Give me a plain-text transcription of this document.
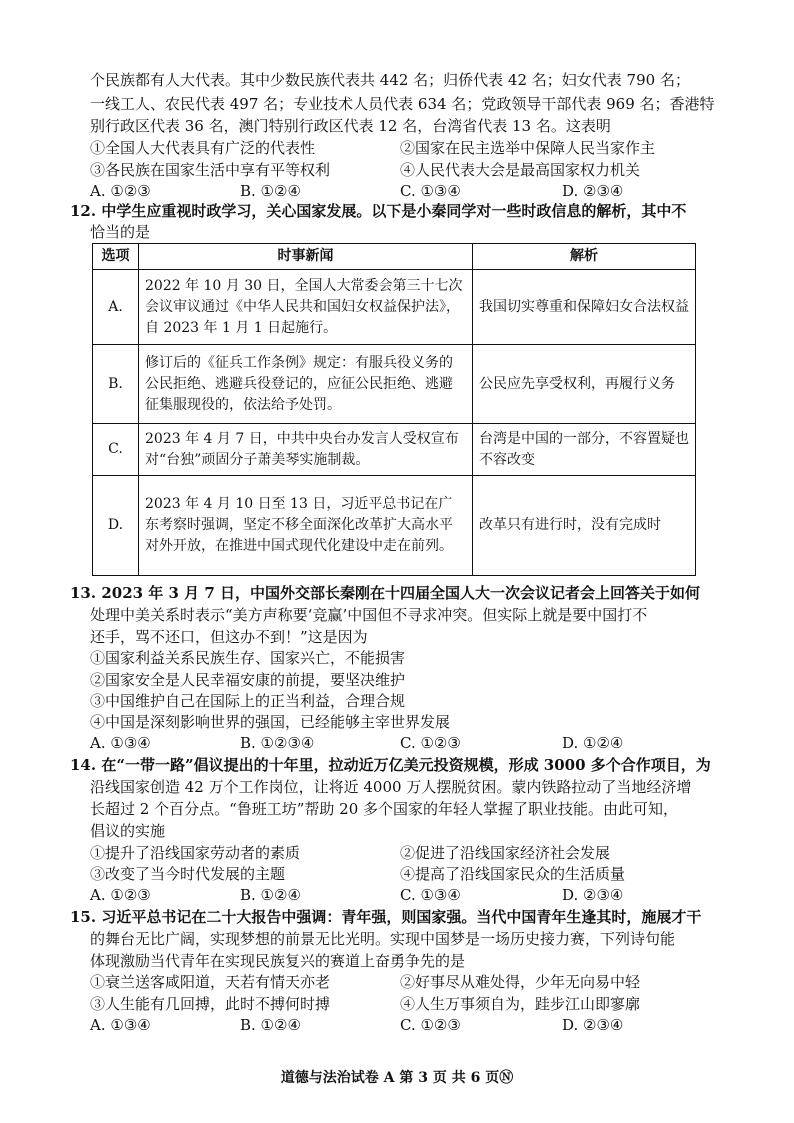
个民族都有人大代表。其中少数民族代表共 442 名；归侨代表 42 名；妇女代表 790 名；
一线工人、农民代表 497 名；专业技术人员代表 634 名；党政领导干部代表 969 名；香港特
别行政区代表 36 名，澳门特别行政区代表 12 名，台湾省代表 13 名。这表明
①全国人大代表具有广泛的代表性	②国家在民主选举中保障人民当家作主
③各民族在国家生活中享有平等权利	④人民代表大会是最高国家权力机关
A. ①②③	B. ①②④	C. ①③④	D. ②③④
12. 中学生应重视时政学习，关心国家发展。以下是小秦同学对一些时政信息的解析，其中不
恰当的是
选项	时事新闻	解析
A.	2022 年 10 月 30 日，全国人大常委会第三十七次会议审议通过《中华人民共和国妇女权益保护法》，自 2023 年 1 月 1 日起施行。	我国切实尊重和保障妇女合法权益
B.	修订后的《征兵工作条例》规定：有服兵役义务的公民拒绝、逃避兵役登记的，应征公民拒绝、逃避征集服现役的，依法给予处罚。	公民应先享受权利，再履行义务
C.	2023 年 4 月 7 日，中共中央台办发言人受权宣布对“台独”顽固分子萧美琴实施制裁。	台湾是中国的一部分，不容置疑也不容改变
D.	2023 年 4 月 10 日至 13 日，习近平总书记在广东考察时强调，坚定不移全面深化改革扩大高水平对外开放，在推进中国式现代化建设中走在前列。	改革只有进行时，没有完成时
13. 2023 年 3 月 7 日，中国外交部长秦刚在十四届全国人大一次会议记者会上回答关于如何
处理中美关系时表示“美方声称要‘竞赢’中国但不寻求冲突。但实际上就是要中国打不
还手，骂不还口，但这办不到！”这是因为
①国家利益关系民族生存、国家兴亡，不能损害
②国家安全是人民幸福安康的前提，要坚决维护
③中国维护自己在国际上的正当利益，合理合规
④中国是深刻影响世界的强国，已经能够主宰世界发展
A. ①③④	B. ①②③④	C. ①②③	D. ①②④
14. 在“一带一路”倡议提出的十年里，拉动近万亿美元投资规模，形成 3000 多个合作项目，为
沿线国家创造 42 万个工作岗位，让将近 4000 万人摆脱贫困。蒙内铁路拉动了当地经济增
长超过 2 个百分点。“鲁班工坊”帮助 20 多个国家的年轻人掌握了职业技能。由此可知，
倡议的实施
①提升了沿线国家劳动者的素质	②促进了沿线国家经济社会发展
③改变了当今时代发展的主题	④提高了沿线国家民众的生活质量
A. ①②③	B. ①②④	C. ①③④	D. ②③④
15. 习近平总书记在二十大报告中强调：青年强，则国家强。当代中国青年生逢其时，施展才干
的舞台无比广阔，实现梦想的前景无比光明。实现中国梦是一场历史接力赛，下列诗句能
体现激励当代青年在实现民族复兴的赛道上奋勇争先的是
①衰兰送客咸阳道，天若有情天亦老	②好事尽从难处得，少年无向易中轻
③人生能有几回搏，此时不搏何时搏	④人生万事须自为，跬步江山即寥廓
A. ①③④	B. ①②④	C. ①②③	D. ②③④
道德与法治试卷 A 第 3 页 共 6 页Ⓝ
